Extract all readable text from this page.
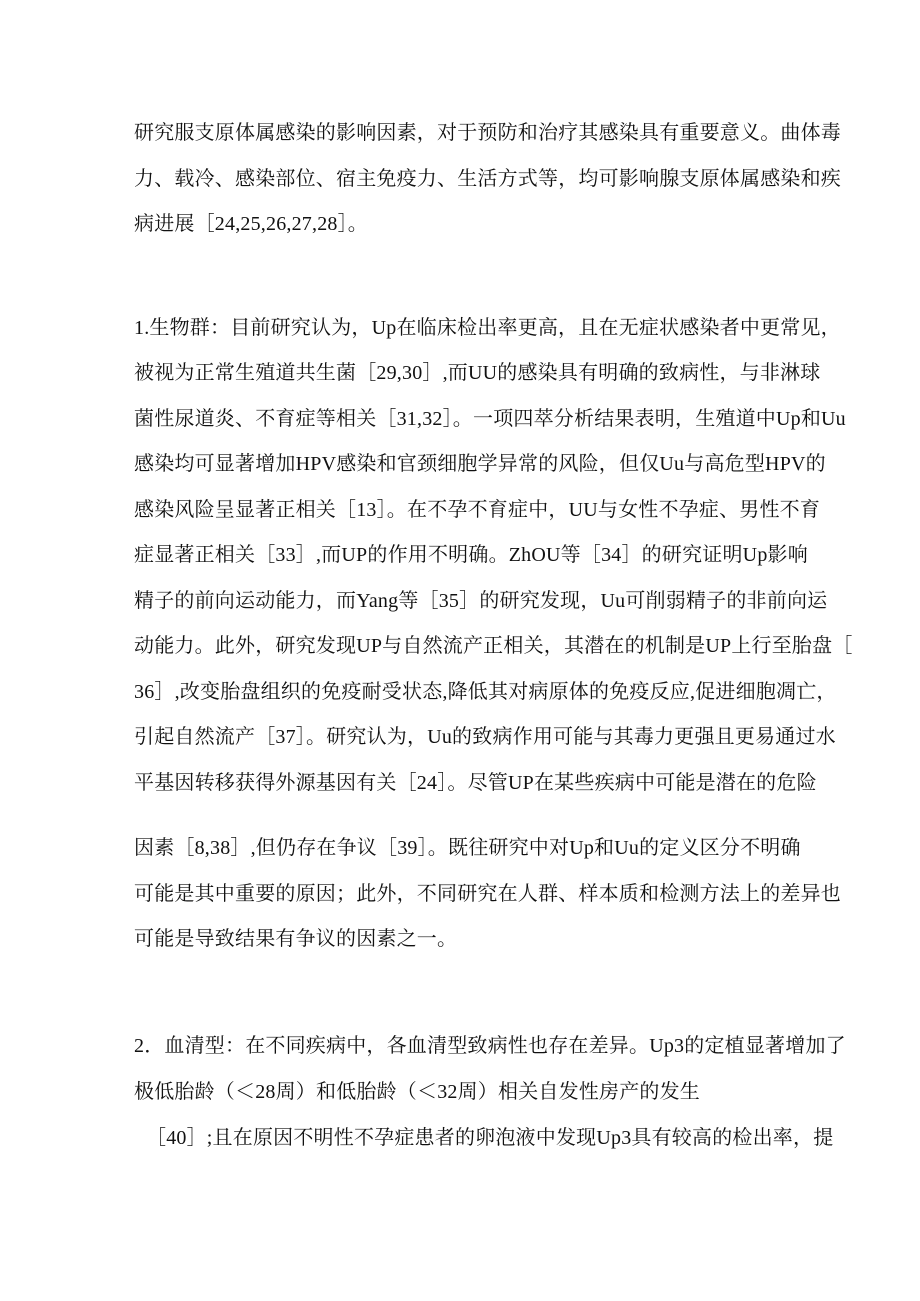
研究服支原体属感染的影响因素，对于预防和治疗其感染具有重要意义。曲体毒
力、载冷、感染部位、宿主免疫力、生活方式等，均可影响腺支原体属感染和疾
病进展［24,25,26,27,28］。
1.生物群：目前研究认为，Up在临床检出率更高，且在无症状感染者中更常见，
被视为正常生殖道共生菌［29,30］,而UU的感染具有明确的致病性，与非淋球
菌性尿道炎、不育症等相关［31,32］。一项四萃分析结果表明，生殖道中Up和Uu
感染均可显著增加HPV感染和官颈细胞学异常的风险，但仅Uu与高危型HPV的
感染风险呈显著正相关［13］。在不孕不育症中，UU与女性不孕症、男性不育
症显著正相关［33］,而UP的作用不明确。ZhOU等［34］的研究证明Up影响
精子的前向运动能力，而Yang等［35］的研究发现，Uu可削弱精子的非前向运
动能力。此外，研究发现UP与自然流产正相关，其潜在的机制是UP上行至胎盘［
36］,改变胎盘组织的免疫耐受状态,降低其对病原体的免疫反应,促进细胞凋亡，
引起自然流产［37］。研究认为，Uu的致病作用可能与其毒力更强且更易通过水
平基因转移获得外源基因有关［24］。尽管UP在某些疾病中可能是潜在的危险
因素［8,38］,但仍存在争议［39］。既往研究中对Up和Uu的定义区分不明确
可能是其中重要的原因；此外，不同研究在人群、样本质和检测方法上的差异也
可能是导致结果有争议的因素之一。
2．血清型：在不同疾病中，各血清型致病性也存在差异。Up3的定植显著增加了
极低胎龄（＜28周）和低胎龄（＜32周）相关自发性房产的发生
［40］;且在原因不明性不孕症患者的卵泡液中发现Up3具有较高的检出率，提
